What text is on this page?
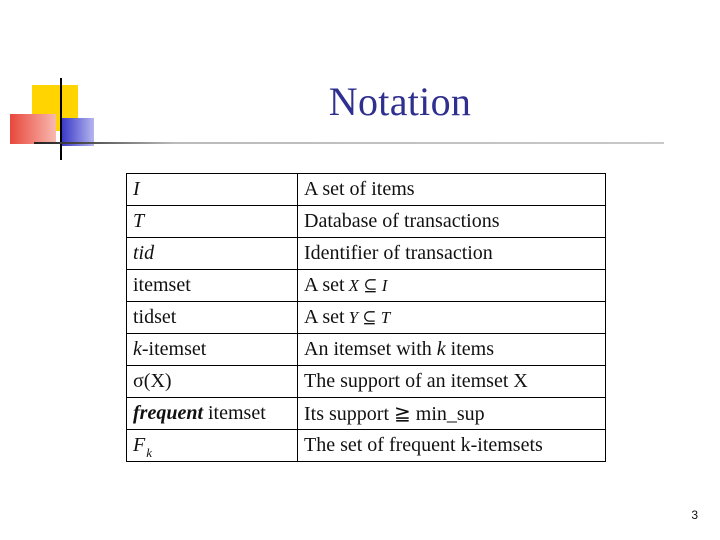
Notation
I	A set of items
T	Database of transactions
tid	Identifier of transaction
itemset	A set X ⊆ I
tidset	A set Y ⊆ T
k-itemset	An itemset with k items
σ(X)	The support of an itemset X
frequent itemset	Its support ≧ min_sup
$F_k$	The set of frequent k-itemsets
3
